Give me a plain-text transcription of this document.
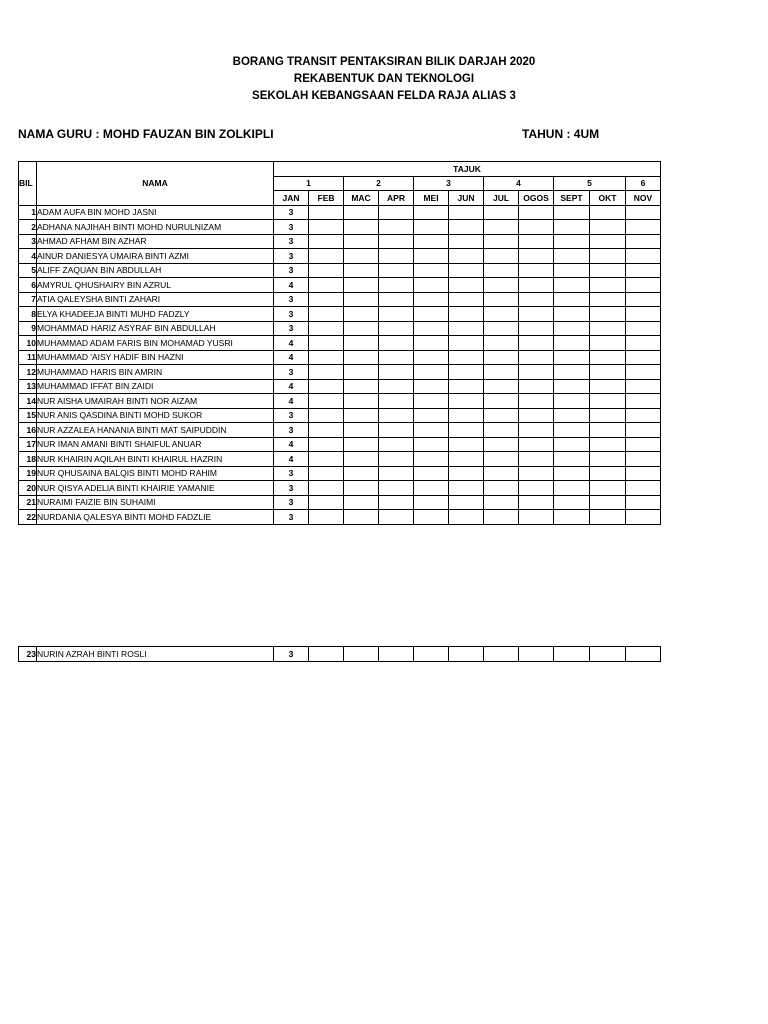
BORANG TRANSIT PENTAKSIRAN BILIK DARJAH 2020
REKABENTUK DAN TEKNOLOGI
SEKOLAH KEBANGSAAN FELDA RAJA ALIAS 3
NAMA GURU : MOHD FAUZAN BIN ZOLKIPLI	TAHUN : 4UM
BIL	NAMA	TAJUK										
		1		2		3		4		5		6
		JAN	FEB	MAC	APR	MEI	JUN	JUL	OGOS	SEPT	OKT	NOV
1	ADAM AUFA BIN MOHD JASNI	3										
2	ADHANA NAJIHAH BINTI MOHD NURULNIZAM	3										
3	AHMAD AFHAM BIN AZHAR	3										
4	AINUR DANIESYA UMAIRA BINTI AZMI	3										
5	ALIFF ZAQUAN BIN ABDULLAH	3										
6	AMYRUL QHUSHAIRY BIN AZRUL	4										
7	ATIA QALEYSHA BINTI ZAHARI	3										
8	ELYA KHADEEJA BINTI MUHD FADZLY	3										
9	MOHAMMAD HARIZ ASYRAF BIN ABDULLAH	3										
10	MUHAMMAD ADAM FARIS BIN MOHAMAD YUSRI	4										
11	MUHAMMAD 'AISY HADIF BIN HAZNI	4										
12	MUHAMMAD HARIS BIN AMRIN	3										
13	MUHAMMAD IFFAT BIN ZAIDI	4										
14	NUR AISHA UMAIRAH BINTI NOR AIZAM	4										
15	NUR ANIS QASDINA BINTI MOHD SUKOR	3										
16	NUR AZZALEA HANANIA BINTI MAT SAIPUDDIN	3										
17	NUR IMAN AMANI BINTI SHAIFUL ANUAR	4										
18	NUR KHAIRIN AQILAH BINTI KHAIRUL HAZRIN	4										
19	NUR QHUSAINA BALQIS BINTI MOHD RAHIM	3										
20	NUR QISYA ADELIA BINTI KHAIRIE YAMANIE	3										
21	NURAIMI FAIZIE BIN SUHAIMI	3										
22	NURDANIA QALESYA BINTI MOHD FADZLIE	3										
23	NURIN AZRAH BINTI ROSLI	3										
